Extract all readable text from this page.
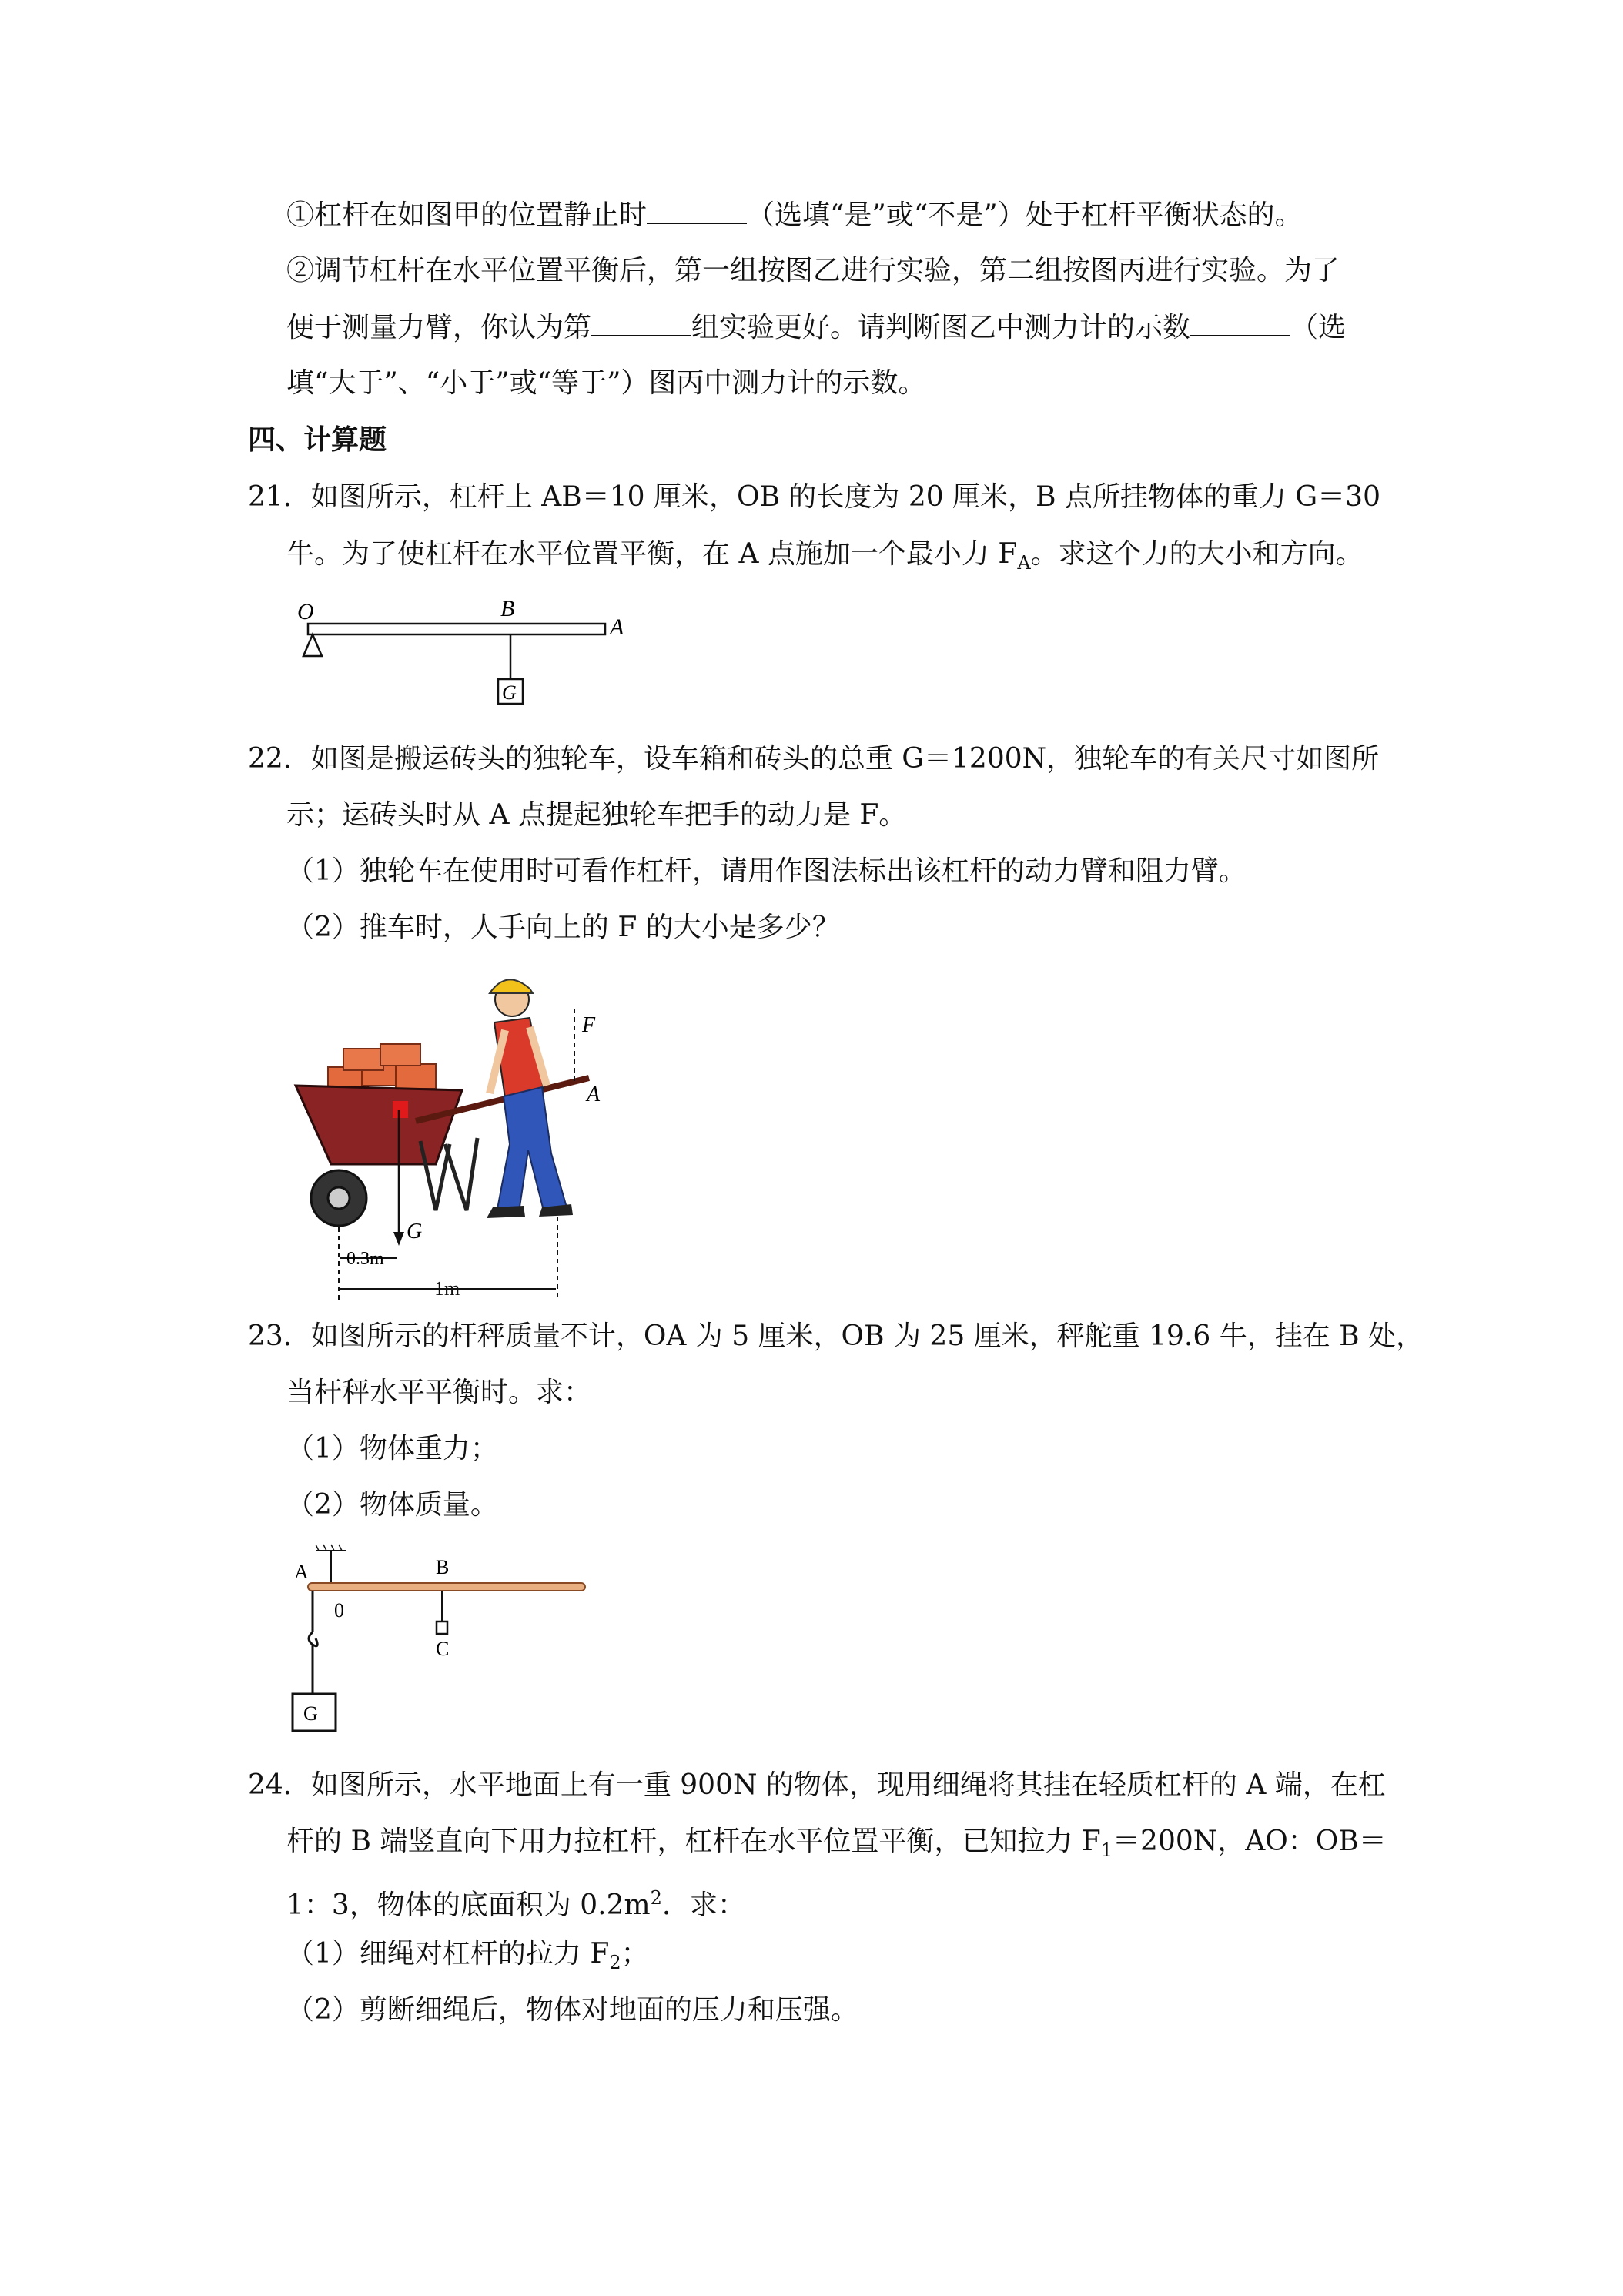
①杠杆在如图甲的位置静止时	（选填“是”或“不是”）处于杠杆平衡状态的。
②调节杠杆在水平位置平衡后，第一组按图乙进行实验，第二组按图丙进行实验。为了
便于测量力臂，你认为第	组实验更好。请判断图乙中测力计的示数	（选
填“大于”、“小于”或“等于”）图丙中测力计的示数。
四、计算题
21．如图所示，杠杆上 AB＝10 厘米，OB 的长度为 20 厘米，B 点所挂物体的重力 G＝30
牛。为了使杠杆在水平位置平衡，在 A 点施加一个最小力 $F_A$。求这个力的大小和方向。
O	B
A
G
22．如图是搬运砖头的独轮车，设车箱和砖头的总重 G＝1200N，独轮车的有关尺寸如图所
示；运砖头时从 A 点提起独轮车把手的动力是 F。
（1）独轮车在使用时可看作杠杆，请用作图法标出该杠杆的动力臂和阻力臂。
（2）推车时，人手向上的 F 的大小是多少？
F
A
G
0.3m
1m
23．如图所示的杆秤质量不计，OA 为 5 厘米，OB 为 25 厘米，秤舵重 19.6 牛，挂在 B 处，
当杆秤水平平衡时。求：
（1）物体重力；
（2）物体质量。
A
0
B
C
G
24．如图所示，水平地面上有一重 900N 的物体，现用细绳将其挂在轻质杠杆的 A 端，在杠
杆的 B 端竖直向下用力拉杠杆，杠杆在水平位置平衡，已知拉力 $F_1=200N$，AO：OB＝
1：3，物体的底面积为 $0.2m^2$．求：
（1）细绳对杠杆的拉力 $F_2$；
（2）剪断细绳后，物体对地面的压力和压强。
